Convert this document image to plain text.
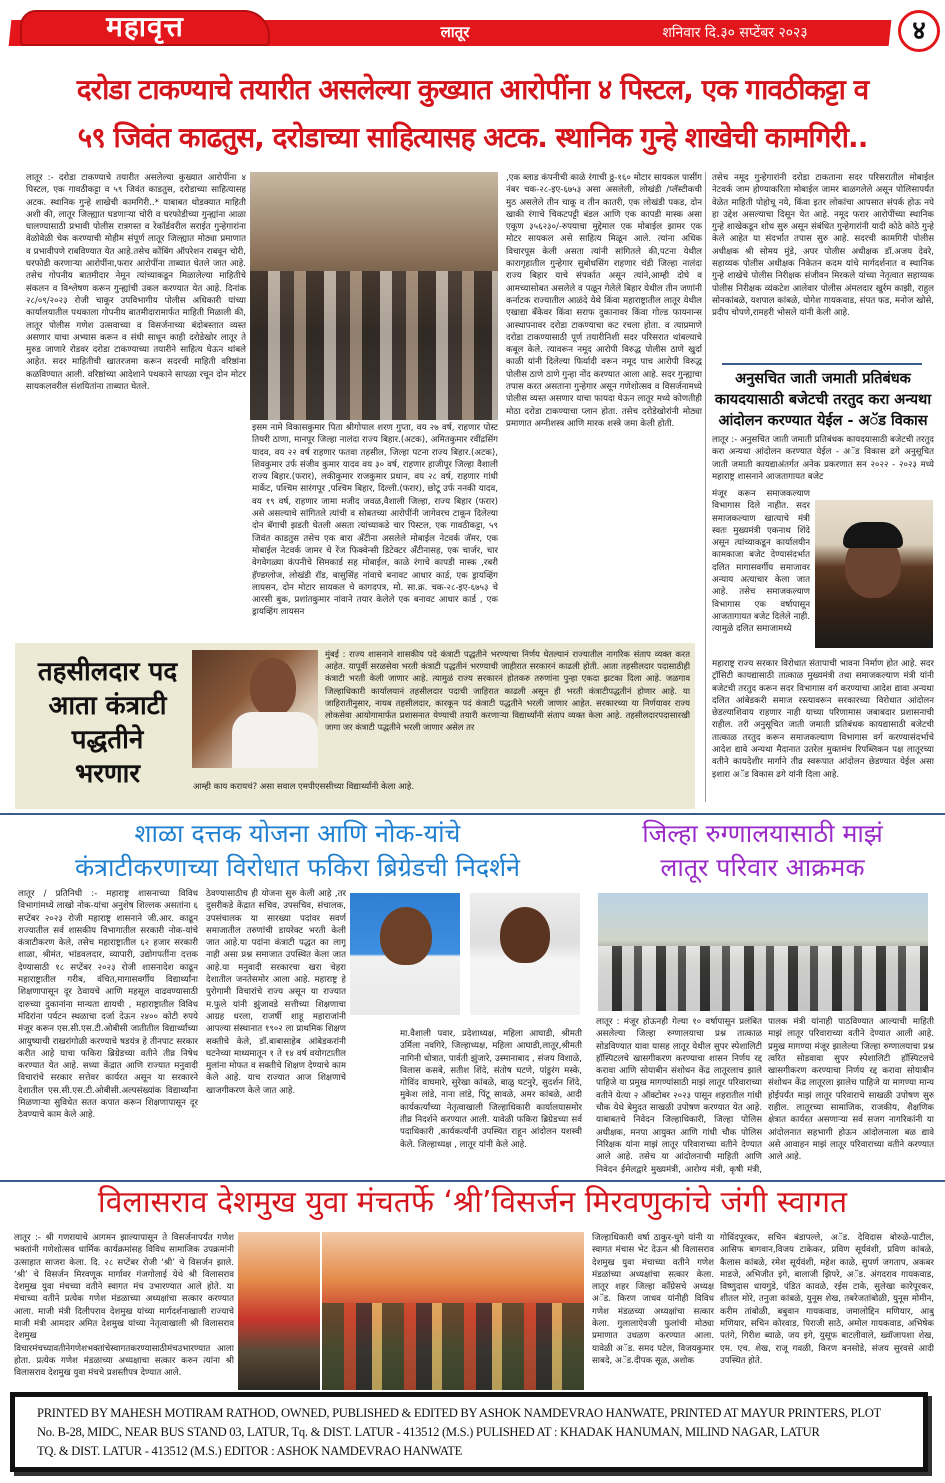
महावृत्त	लातूर	शनिवार दि.३० सप्टेंबर २०२३	४
दरोडा टाकण्याचे तयारीत असलेल्या कुख्यात आरोपींना ४ पिस्टल, एक गावठीकट्टा व
५९ जिवंत काढतुस, दरोडाच्या साहित्यासह अटक. स्थानिक गुन्हे शाखेची कामगिरी..
लातूर :- दरोडा टाकण्याचे तयारीत असलेल्या कुख्यात आरोपींना ४ पिस्टल, एक गावठीकट्टा व ५९ जिवंत काडतुस, दरोडाच्या साहित्यासह अटक. स्थानिक गुन्हे शाखेची कामगिरी..* याबाबत थोडक्यात माहिती अशी की, लातूर जिल्ह्यात घडणाऱ्या चोरी व घरफोडीच्या गुन्ह्यांना आळा घालण्यासाठी प्रभावी पोलीस रात्रगस्त व रेकॉर्डवरील सराईत गुन्हेगारांना वेळोवेळी चेक करण्याची मोहीम संपूर्ण लातूर जिल्ह्यात मोठ्या प्रमाणात व प्रभावीपणे राबविण्यात येत आहे.तसेच कोंबिंग ऑपरेशन राबवून चोरी, घरफोडी करणाऱ्या आरोपींना,फरार आरोपींना ताब्यात घेतले जात आहे. तसेच गोपनीय बातमीदार नेमून त्यांच्याकडून मिळालेल्या माहितीचे संकलन व विश्लेषण करून गुन्ह्यांची उकल करण्यात येत आहे. दिनांक २८/०९/२०२३ रोजी चाकूर उपविभागीय पोलीस अधिकारी यांच्या कार्यालयातील पथकाला गोपनीय बातमीदारामार्फत माहिती मिळाली की, लातूर पोलीस गणेश उत्सवाच्या व विसर्जनाच्या बंदोबस्तात व्यस्त असणार याचा अभ्यास करून व संधी साधून काही दरोडेखोर लातूर ते मुरुड जाणारे रोडवर दरोडा टाकण्याच्या तयारीने साहित्य घेऊन थांबले आहेत. सदर माहितीची खातरजमा करून सदरची माहिती वरिष्ठांना कळविण्यात आली. वरिष्ठांच्या आदेशाने पथकाने सापळा रचून दोन मोटर सायकलवरील संशयितांना ताब्यात घेतले.
इसम नामे विकासकुमार पिता श्रीगोपाल शरण गुप्ता, वय २७ वर्ष, राहणार पोस्ट तियरी ठाणा, मानपूर जिल्हा नालंदा राज्य बिहार.(अटक), अमितकुमार रवींद्रसिंग यादव, वय २२ वर्ष राहणार फतवा तहसील, जिल्हा पटना राज्य बिहार.(अटक), शिवकुमार उर्फ संजीव कुमार यादव वय ३० वर्ष, राहणार हाजीपूर जिल्हा वैशाली राज्य बिहार.(फरार), लकीकुमार राजकुमार प्रधान, वय २८ वर्ष, राहणार गांधी मार्केट, पश्चिम सारंगपूर ,पश्चिम बिहार, दिल्ली.(फरार), छोटू उर्फ ननकी यादव, वय १९ वर्ष, राहणार जामा मजीद जवळ,वैशाली जिल्हा, राज्य बिहार (फरार) असे असल्याचे सांगितले त्यांची व सोबतच्या आरोपींनी जागेवरच टाकून दिलेल्या दोन बॅगाची झडती घेतली असता त्यांच्याकडे चार पिस्टल, एक गावठीकट्टा, ५९ जिवंत काडतुस तसेच एक बारा अँटीना असलेले मोबाईल नेटवर्क जॅमर, एक मोबाईल नेटवर्क जामर चे रेंज फिक्वेन्सी डिटेक्टर अँटीनासह, एक चार्जर, चार वेगवेगळ्या कंपनीचे सिमकार्ड सह मोबाईल, काळे रंगाचे कापडी मास्क ,रबरी हॅण्डग्लोज, लोखंडी रॉड, बासुसिंह नांवाचे बनावट आधार कार्ड, एक ड्रायव्हिंग लायसन, दोन मोटार सायकल चे कागदपत्र, मो. सा.क्र. चक-२८-इए-६७५३ चे आरसी बुक, प्रशांतकुमार नांवाने तयार केलेले एक बनावट आधार कार्ड , एक ड्रायव्हिंग लायसन
,एक ब्लाड कंपनीची काळे रंगाची ठ्ठ-१६० मोटार सायकल पासींग नंबर चक-२८-इए-६७५३ असा असलेली, लोखंडी /प्लॅस्टीकची मुठ असलेले तीन चाकू व तीन कातरी, एक लोखंडी पकड, दोन खाकी रंगाचे चिकटपट्टी बंडल आणि एक कापडी मास्क असा एकूण ३५६२३०/-रुपयाचा मुद्देमाल एक मोबाईल झामर एक मोटर सायकल असे साहित्य मिळून आले. त्यांना अधिक विचारपूस केली असता त्यांनी सांगितले की,पटना येथील कारागृहातील गुन्हेगार सुबोधसिंग राहणार चंडी जिल्हा नालंदा राज्य बिहार याचे संपर्कात असून त्यांने,आम्ही दोघे व आमच्यासोबत असलेले व पळून गेलेले बिहार येथील तीन जणांनी कर्नाटक राज्यातील आळंदे येथे किंवा महाराष्ट्रातील लातूर येथील एखाद्या बँकेवर किंवा सराफ दुकानावर किंवा गोल्ड फायनान्स आस्थापनावर दरोडा टाकण्याचा कट रचला होता. व त्याप्रमाणे दरोडा टाकण्यासाठी पूर्ण तयारीनिशी सदर परिसरात थांबल्याचे कबूल केले. त्यावरून नमूद आरोपी विरुद्ध पोलीस ठाणे खुर्दा काळी यांनी दिलेल्या फिर्यादी वरून नमूद पाच आरोपी विरुद्ध पोलीस ठाणे ठाणे गुन्हा नोंद करण्यात आला आहे. सदर गुन्ह्याचा तपास करत असताना गुन्हेगार असून गणेशोत्सव व विसर्जनामध्ये पोलीस व्यस्त असणार याचा फायदा घेऊन लातूर मध्ये कोणतीही मोठा दरोडा टाकण्याचा प्लान होता. तसेच दरोडेखोरांनी मोठ्या प्रमाणात अग्नीशस्त्र आणि मारक शस्त्रे जमा केली होती.
तसेच नमूद गुन्हेगारांनी दरोडा टाकताना सदर परिसरातील मोबाईल नेटवर्क जाम होण्याकरिता मोबाईल जामर बाळगलेले असून पोलिसापर्यंत वेळेत माहिती पोहोचू नये, किंवा इतर लोकांचा आपसात संपर्क होऊ नये हा उद्देश असल्याचा दिसून येत आहे. नमूद फरार आरोपींच्या स्थानिक गुन्हे शाखेकडून शोध सुरु असून संबंधित गुन्हेगारांनी यादी कोठे कोठे गुन्हे केले आहेत या संदर्भात तपास सुरु आहे. सदरची कामगिरी पोलीस अधीक्षक श्री सोमय मुंडे, अपर पोलीस अधीक्षक डॉ.अजय देवरे, सहाय्यक पोलीस अधीक्षक निकेतन कदम यांचे मार्गदर्शनात व स्थानिक गुन्हे शाखेचे पोलीस निरीक्षक संजीवन मिरकले यांच्या नेतृत्वात सहाय्यक पोलीस निरीक्षक व्यंकटेश आलेवार पोलीस अंमलदार खुर्रम काझी, राहुल सोनकांबळे, यशपाल कांबळे, योगेश गायकवाड, संपत फड, मनोज खोसे, प्रदीप चोपणे,रामहरी भोसले यांनी केली आहे.
अनुसचित जाती जमाती प्रतिबंधक कायदयासाठी बजेटची तरतुद करा अन्यथा आंदोलन करण्यात येईल - अॅड विकास
लातूर :- अनुसचित जाती जमाती प्रतिबंधक कायदयासाठी बजेटची तरतुद करा अन्यथा आंदोलन करण्यात येईल - अॅड विकास ढगे अनुसूचित जाती जमाती कायद्याअंतर्गत अनेक प्रकरणात सन २०२२ - २०२३ मध्ये महाराष्ट्र शासनाने आजतागायत बजेट
मंजूर करून समाजकल्याण विभागास दिले नाहीत. सदर समाजकल्याण खात्याचे मंत्री स्वतः मुख्यमंत्री एकनाथ शिंदे असून त्यांच्याकडून कार्यालयीन कामकाजा बजेट देण्यासंदर्भात दलित मागासवर्गीय समाजावर अन्याय अत्याचार केला जात आहे. तसेच समाजकल्याण विभागास एक वर्षापासून आजतागायत बजेट दिलेले नाही. त्यामुळे दलित समाजामध्ये
महाराष्ट्र राज्य सरकार विरोधात संतापाची भावना निर्माण होत आहे. सदर ट्रॉसिटी कायद्यासाठी तात्काळ मुख्यमंत्री तथा समाजकल्याण मंत्री यांनी बजेटची तरतुद करून सदर विभागास वर्ग करण्याचा आदेश द्यावा अन्यथा दलित आंबेडकरी समाज रस्त्यावरून सरकारच्या विरोधात आंदोलन छेडल्याशिवाय राहणार नाही याच्या परिणामास जबाबदार प्रशासनाची राहील. तरी अनुसूचित जाती जमाती प्रतिबंधक कायद्यासाठी बजेटची तात्काळ तरतुद करून समाजकल्याण विभागास वर्ग करण्यासंदर्भाचे आदेश द्यावे अन्यथा मैदानात उतरेल मुक्तमंच रिपब्लिकन पक्ष लातूरच्या वतीने कायदेशीर मार्गाने तीव्र स्वरूपात आंदोलन छेडण्यात येईल असा इशारा अॅड विकास ढगे यांनी दिला आहे.
तहसीलदार पद आता कंत्राटी पद्धतीने भरणार
मुंबई : राज्य शासनाने शासकीय पदे कंत्राटी पद्धतीने भरण्याचा निर्णय घेतल्यानं राज्यातील नागरिक संताप व्यक्त करत आहेत. यापूर्वी सरळसेवा भरती कंत्राटी पद्धतीनं भरण्याची जाहीरात सरकारनं काढली होती. आता तहसीलदार पदासाठीही कंत्राटी भरती केली जाणार आहे. त्यामुळं राज्य सरकारनं होतकरु तरुणांना पुन्हा एकदा झटका दिला आहे. जळगाव जिल्हाधिकारी कार्यालयानं तहसीलदार पदाची जाहिरात काढली असून ही भरती कंत्राटीपद्धतीनं होणार आहे. या जाहिरातीनुसार, नायब तहसीलदार, कारकून पदं कंत्राटी पद्धतीने भरली जाणार आहेत. सरकारच्या या निर्णयावर राज्य लोकसेवा आयोगामार्फत प्रशासनात येण्याची तयारी करणाऱ्या विद्यार्थ्यांनी संताप व्यक्त केला आहे. तहसीलदारपदासारखी जागा जर कंत्राटी पद्धतीने भरली जाणार असेल तर
आम्ही काय करायचं? असा सवाल एमपीएससीच्या विद्यार्थ्यांनी केला आहे.
शाळा दत्तक योजना आणि नोक-यांचे
कंत्राटीकरणाच्या विरोधात फकिरा ब्रिग्रेडची निदर्शने
लातूर / प्रतिनिधी :- महाराष्ट्र शासनाच्या विविध विभागांमध्ये लाखो नोक-यांचा अनुशेष शिल्लक असतांना ६ सप्टेंबर २०२३ रोजी महाराष्ट्र शासनाने जी.आर. काढून राज्यातील सर्व शासकीय विभागातील सरकारी नोक-यांचे कंत्राटीकरण केले, तसेच महाराष्ट्रातील ६२ हजार सरकारी शाळा, श्रीमंत, भांडवलदार, व्यापारी, उद्योगपतींना दत्तक देण्यासाठी १८ सप्टेंबर २०२३ रोजी शासनादेश काढून महाराष्ट्रातील गरीब, वंचित,मागासवर्गीय विद्यार्थ्यांना शिक्षणापासून दूर ठेवायचे आणि महसूल वाढवण्यासाठी दारुच्या दुकानांना मान्यता द्यायची , महाराष्ट्रातील विविध मंदिरांना पर्यटन स्थळाचा दर्जा देऊन २४०० कोटी रुपये मंजूर करून एस.सी.एस.टी.ओबीसी जातीतील विद्यार्थ्यांच्या आयुष्याची राखरांगोळी करण्याचे षडयंत्र हे तीनपाट सरकार करीत आहे याचा फकिरा ब्रिग्रेडच्या वतीने तीव्र निषेध करण्यात येत आहे. सध्या केंद्रात आणि राज्यात मनुवादी विचारांचे सरकार सत्तेवर कार्यरत असून या सरकारने देशातील एस.सी.एस.टी.ओबीसी.अल्पसंख्यांक विद्यार्थ्यांना मिळणाऱ्या सुविधेत सतत कपात करून शिक्षणापासून दूर ठेवण्याचे काम केले आहे.
ठेवण्यासाठीच ही योजना सुरु केली आहे ,तर दुसरीकडे केंद्रात सचिव, उपसचिव, संचालक, उपसंचालक या सारख्या पदांवर सवर्ण समाजातील तरुणांची डायरेक्ट भरती केली जात आहे.या पदांना कंत्राटी पद्धत का लागू नाही असा प्रश्न समाजात उपस्थित केला जात आहे.या मनुवादी सरकारचा खरा चेहरा देशातील जनतेसमोर आला आहे. महाराष्ट्र हे पुरोगामी विचारांचे राज्य असून या राज्यात म.फुले यांनी झुंजावडे सत्तीच्या शिक्षणाचा आग्रह धरला, राजर्षी शाहू महाराजांनी आपल्या संस्थानात १९०२ ला प्राथमिक शिक्षण सक्तीचे केले, डॉ.बाबासाहेब आंबेडकरांनी घटनेच्या माध्यमातून १ ते १४ वर्ष वयोगटातील मुलांना मोफत व सक्तीचे शिक्षण देण्याचे काम केले आहे. याच राज्यात आज शिक्षणाचे खाजगीकरण केले जात आहे.
मा.वैशाली पवार, प्रदेशाध्यक्ष, महिला आघाडी, श्रीमती उर्मिला नवगिरे, जिल्हाध्यक्ष, महिला आघाडी,लातूर,श्रीमती नागिनी धोत्रात, पार्वती झुंजारे, उस्मानाबाद , संजय विशाळे, विलास कसबे, सतीश शिंदे, संतोष घटणे, पांडुरंग मस्के, गोविंद वाघमारे, सुरेखा कांबळे, बाळु घटनुरे, सुदर्शन शिंदे, मुकेश लांडे, नाना लांडे, पिंटू सावळे, अमर कांबळे, आदी कार्यकर्त्यांच्या नेतृत्वाखाली जिल्हाधिकारी कार्यालयासमोर तीव्र निदर्शने करण्यात आली. यावेळी फकिरा ब्रिग्रेडच्या सर्व पदाधिकारी ,कार्यकर्त्यांनी उपस्थित राहून आंदोलन यशस्वी केले. जिल्हाध्यक्ष , लातूर यांनी केले आहे.
जिल्हा रुग्णालयासाठी माझं
लातूर परिवार आक्रमक
लातूर : मंजूर होऊनही गेल्या १० वर्षापासून प्रलंबित असलेल्या जिल्हा रुग्णालयाचा प्रश्न तात्काळ सोडविण्यात यावा यासह लातूर येथील सुपर स्पेशालिटी हॉस्पिटलचे खासगीकरण करण्याचा शासन निर्णय रद्द करावा आणि सोयाबीन संशोधन केंद्र लातूरलाच झाले पाहिजे या प्रमुख मागण्यांसाठी माझं लातूर परिवाराच्या वतीने येत्या २ ऑक्टोबर २०२३ पासून शहरातील गांधी चौक येथे बेमुदत साखळी उपोषण करण्यात येत आहे. याबाबतचे निवेदन जिल्हाधिकारी, जिल्हा पोलिस अधीक्षक, मनपा आयुक्त आणि गांधी चौक पोलिस निरिक्षक यांना माझं लातूर परिवाराच्या वतीने देण्यात आले आहे. तसेच या आंदोलनाची माहिती आणि निवेदन ईमेलद्वारे मुख्यमंत्री, आरोग्य मंत्री, कृषी मंत्री,
पालक मंत्री यांनाही पाठविण्यात आल्याची माहिती माझं लातूर परिवाराच्या वतीने देण्यात आली आहे. प्रमुख मागण्या मंजूर झालेल्या जिल्हा रुग्णालयाचा प्रश्न त्वरित सोडवावा सुपर स्पेशालिटी हॉस्पिटलचे खासगीकरण करण्याचा निर्णय रद्द करावा सोयाबीन संशोधन केंद्र लातूरला झालेच पाहिजे या मागण्या मान्य होईपर्यंत माझं लातूर परिवाराचे साखळी उपोषण सुरु राहील. लातूरच्या सामाजिक, राजकीय, शैक्षणिक क्षेत्रात कार्यरत असणाऱ्या सर्व सजग नागरिकांनी या आंदोलनात सहभागी होऊन आंदोलनाला बळ द्यावे असे आवाहन माझं लातूर परिवाराच्या वतीने करण्यात आले आहे.
विलासराव देशमुख युवा मंचतर्फे ‘श्री’विसर्जन मिरवणुकांचे जंगी स्वागत
लातूर :- श्री गणरायाचे आगमन झाल्यापासून ते विसर्जनापर्यंत गणेश भक्तांनी गणेशोत्सव धार्मिक कार्यक्रमांसह विविध सामाजिक उपक्रमांनी उत्साहात साजरा केला. दि. २८ सप्टेंबर रोजी ‘श्री’ चे विसर्जन झाले. ‘श्री’ चे विसर्जन मिरवणूक मार्गावर गंजगोलाई येथे श्री विलासराव देशमुख युवा मंचच्या वतीने स्वागत मंच उभारण्यात आले होते. या मंचाच्या वतीने प्रत्येक गणेश मंडळाच्या अध्यक्षांचा सत्कार करण्यात आला. माजी मंत्री दिलीपराव देशमुख यांच्या मार्गदर्शनाखाली राज्याचे माजी मंत्री आमदार अमित देशमुख यांच्या नेतृत्वाखाली श्री विलासराव देशमुख विचारमंचच्यावतीनेगणेशभक्तांचेस्वागतकरण्यासाठीमंचउभारण्यात आला होता. प्रत्येक गणेश मंडळाच्या अध्यक्षाचा सत्कार करुन त्यांना श्री विलासराव देशमुख युवा मंचचे प्रशस्तीपत्र देण्यात आले.
जिल्हाधिकारी वर्षा ठाकुर-घुगे यांनी या स्वागत मंचास भेट देऊन श्री विलासराव देशमुख युवा मंचाच्या वतीने गणेश मंडळांच्या अध्यक्षांचा सत्कार केला. लातूर शहर जिल्हा काँग्रेसचे अध्यक्ष अॅड. किरण जाधव यांनीही विविध गणेश मंडळच्या अध्यक्षांचा सत्कार केला. गुलालाऐवजी फुलांची मोठ्या प्रमाणात उधळण करण्यात आला. यावेळी अॅड. समद पटेल, विजयकुमार साबदे, अॅड.दीपक सूळ, अशोक
गोविंदपूरकर, सचिन बंडापल्ले, अॅड. देविदास बोरुळे-पाटील, आसिफ बागवान,विजय टाकेकर, प्रविण सूर्यवंशी, प्रविण कांबळे, कैलास कांबळे, रमेश सूर्यवंशी, महेश काळे, सुपर्ण जगताप, अकबर माडजे, अभिजीत इगे, बालाजी झिपरे, अॅड. अंगदराव गायकवाड, विष्णुदास धायगुडे, पंडित कावळे, रईस टाके, सुलेखा कारेपूरकर, शीतल मोरे, तनुजा कांबळे, युनूस शेख, तबरेजतांबोळी, युनूस मोमीन, करीम तांबोळी, बबुवान गायकवाड, जमालोद्दिन मणियार, आबु मणियार, सचिन कोरवाड, पिराजी साठे, अमोल गायकवाड, अभिषेक पतंगे, गिरीश ब्याळे, जय इगे, युसूफ बाटलीवाले, ख्वॉजापशा शेख, एम. एच. शेख, राजू गवळी, किरण बनसोडे, संजय सुरवसे आदी उपस्थित होते.
PRINTED BY MAHESH MOTIRAM RATHOD, OWNED, PUBLISHED & EDITED BY ASHOK NAMDEVRAO HANWATE, PRINTED AT MAYUR PRINTERS, PLOT
No. B-28, MIDC, NEAR BUS STAND 03, LATUR, Tq. & DIST. LATUR - 413512 (M.S.) PULISHED AT : KHADAK HANUMAN, MILIND NAGAR, LATUR
TQ. & DIST. LATUR - 413512 (M.S.) EDITOR : ASHOK NAMDEVRAO HANWATE
